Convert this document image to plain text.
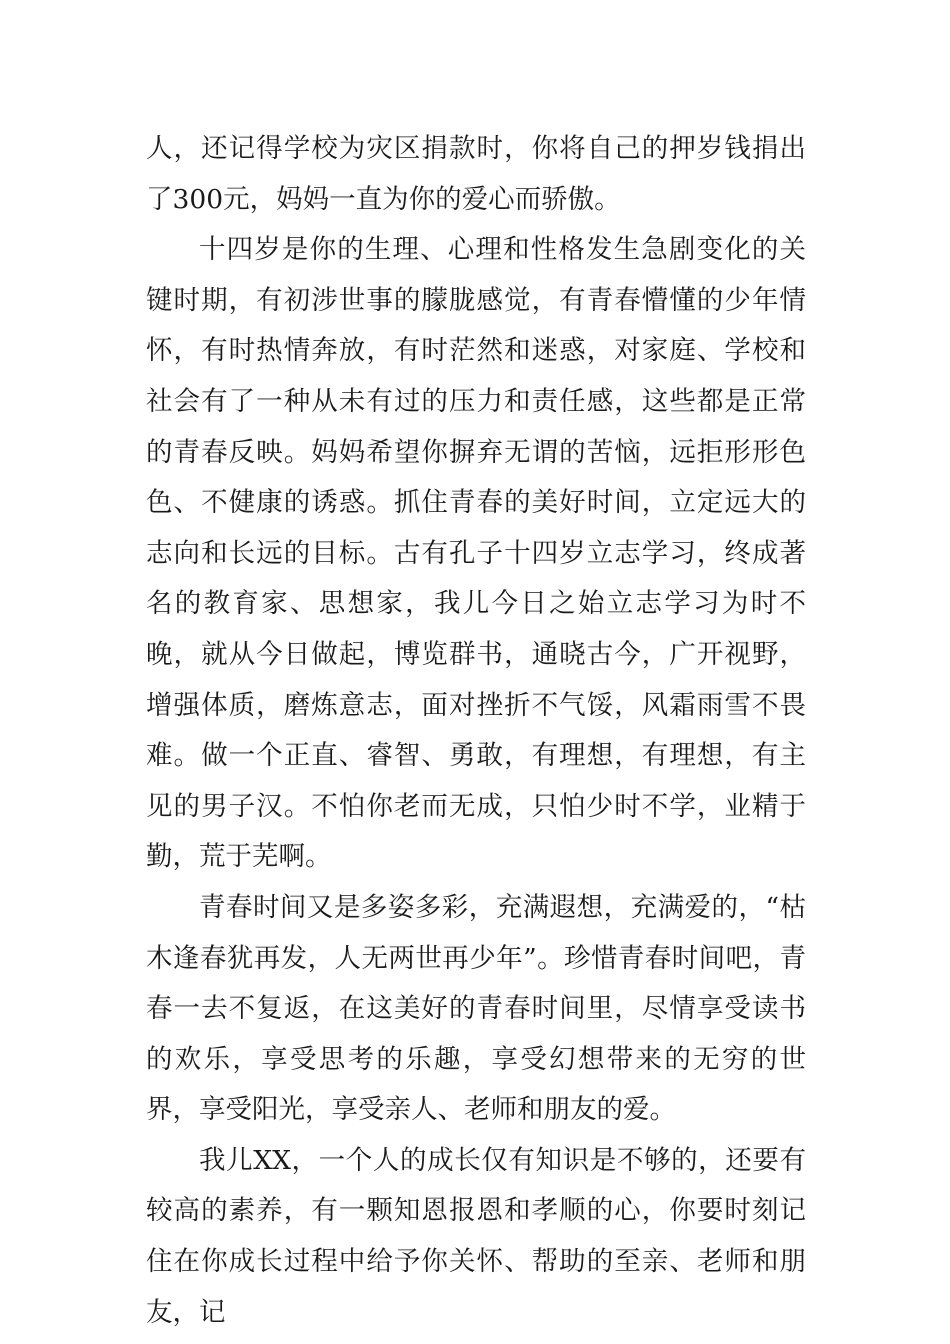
人，还记得学校为灾区捐款时，你将自己的押岁钱捐出了300元，妈妈一直为你的爱心而骄傲。

十四岁是你的生理、心理和性格发生急剧变化的关键时期，有初涉世事的朦胧感觉，有青春懵懂的少年情怀，有时热情奔放，有时茫然和迷惑，对家庭、学校和社会有了一种从未有过的压力和责任感，这些都是正常的青春反映。妈妈希望你摒弃无谓的苦恼，远拒形形色色、不健康的诱惑。抓住青春的美好时间，立定远大的志向和长远的目标。古有孔子十四岁立志学习，终成著名的教育家、思想家，我儿今日之始立志学习为时不晚，就从今日做起，博览群书，通晓古今，广开视野，增强体质，磨炼意志，面对挫折不气馁，风霜雨雪不畏难。做一个正直、睿智、勇敢，有理想，有理想，有主见的男子汉。不怕你老而无成，只怕少时不学，业精于勤，荒于芜啊。

青春时间又是多姿多彩，充满遐想，充满爱的，“枯木逢春犹再发，人无两世再少年”。珍惜青春时间吧，青春一去不复返，在这美好的青春时间里，尽情享受读书的欢乐，享受思考的乐趣，享受幻想带来的无穷的世界，享受阳光，享受亲人、老师和朋友的爱。

我儿XX，一个人的成长仅有知识是不够的，还要有较高的素养，有一颗知恩报恩和孝顺的心，你要时刻记住在你成长过程中给予你关怀、帮助的至亲、老师和朋友，记
